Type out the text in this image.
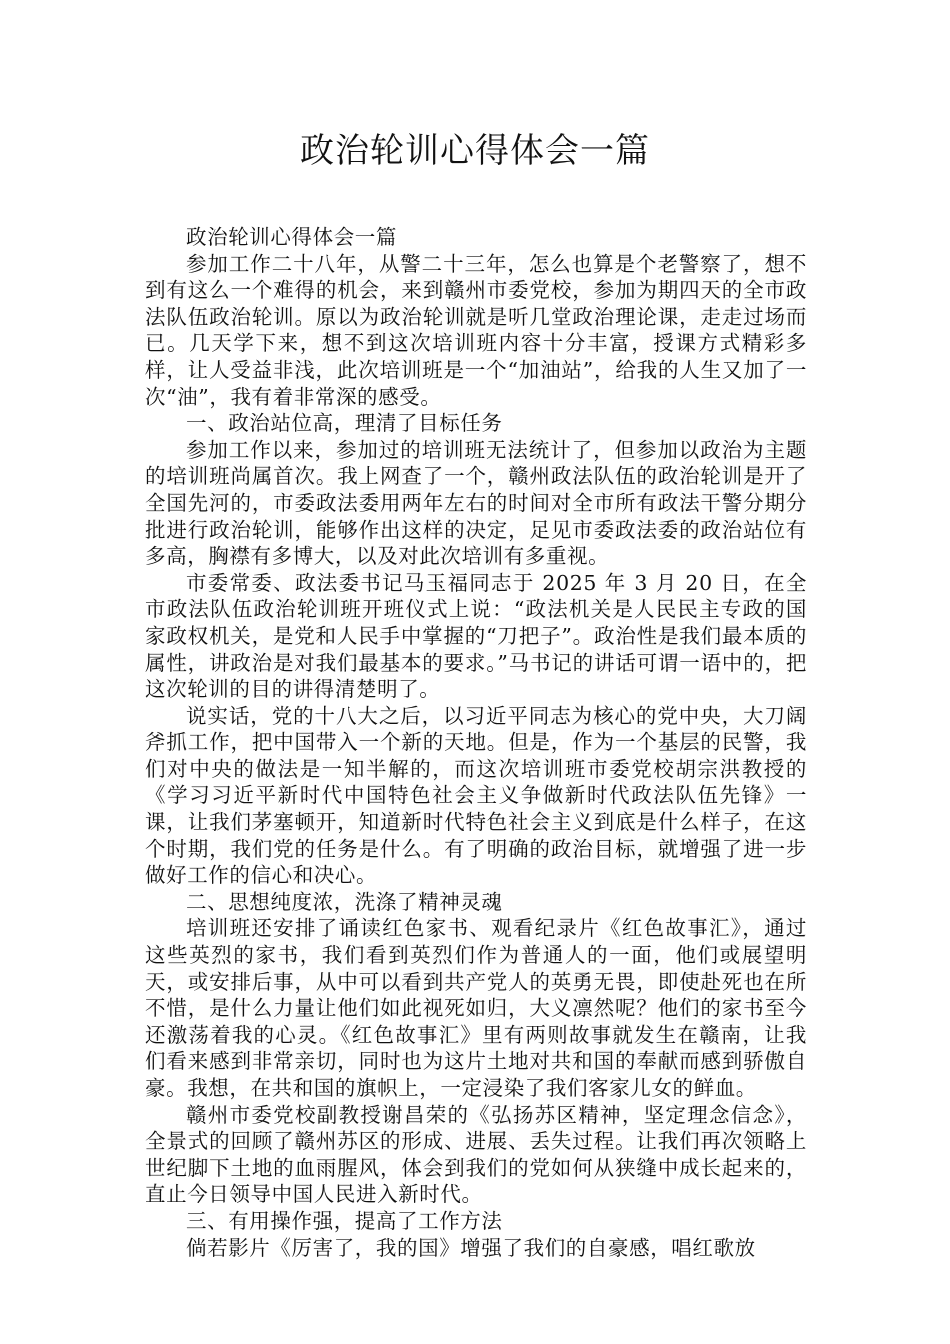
政治轮训心得体会一篇

政治轮训心得体会一篇

参加工作二十八年，从警二十三年，怎么也算是个老警察了，想不到有这么一个难得的机会，来到赣州市委党校，参加为期四天的全市政法队伍政治轮训。原以为政治轮训就是听几堂政治理论课，走走过场而已。几天学下来，想不到这次培训班内容十分丰富，授课方式精彩多样，让人受益非浅，此次培训班是一个“加油站”，给我的人生又加了一次“油”，我有着非常深的感受。

一、政治站位高，理清了目标任务

参加工作以来，参加过的培训班无法统计了，但参加以政治为主题的培训班尚属首次。我上网查了一个，赣州政法队伍的政治轮训是开了全国先河的，市委政法委用两年左右的时间对全市所有政法干警分期分批进行政治轮训，能够作出这样的决定，足见市委政法委的政治站位有多高，胸襟有多博大，以及对此次培训有多重视。

市委常委、政法委书记马玉福同志于 2025 年 3 月 20 日，在全市政法队伍政治轮训班开班仪式上说：“政法机关是人民民主专政的国家政权机关，是党和人民手中掌握的“刀把子”。政治性是我们最本质的属性，讲政治是对我们最基本的要求。”马书记的讲话可谓一语中的，把这次轮训的目的讲得清楚明了。

说实话，党的十八大之后，以习近平同志为核心的党中央，大刀阔斧抓工作，把中国带入一个新的天地。但是，作为一个基层的民警，我们对中央的做法是一知半解的，而这次培训班市委党校胡宗洪教授的《学习习近平新时代中国特色社会主义争做新时代政法队伍先锋》一课，让我们茅塞顿开，知道新时代特色社会主义到底是什么样子，在这个时期，我们党的任务是什么。有了明确的政治目标，就增强了进一步做好工作的信心和决心。

二、思想纯度浓，洗涤了精神灵魂

培训班还安排了诵读红色家书、观看纪录片《红色故事汇》，通过这些英烈的家书，我们看到英烈们作为普通人的一面，他们或展望明天，或安排后事，从中可以看到共产党人的英勇无畏，即使赴死也在所不惜，是什么力量让他们如此视死如归，大义凛然呢？他们的家书至今还激荡着我的心灵。《红色故事汇》里有两则故事就发生在赣南，让我们看来感到非常亲切，同时也为这片土地对共和国的奉献而感到骄傲自豪。我想，在共和国的旗帜上，一定浸染了我们客家儿女的鲜血。

赣州市委党校副教授谢昌荣的《弘扬苏区精神，坚定理念信念》，全景式的回顾了赣州苏区的形成、进展、丢失过程。让我们再次领略上世纪脚下土地的血雨腥风，体会到我们的党如何从狭缝中成长起来的，直止今日领导中国人民进入新时代。

三、有用操作强，提高了工作方法

倘若影片《厉害了，我的国》增强了我们的自豪感，唱红歌放
